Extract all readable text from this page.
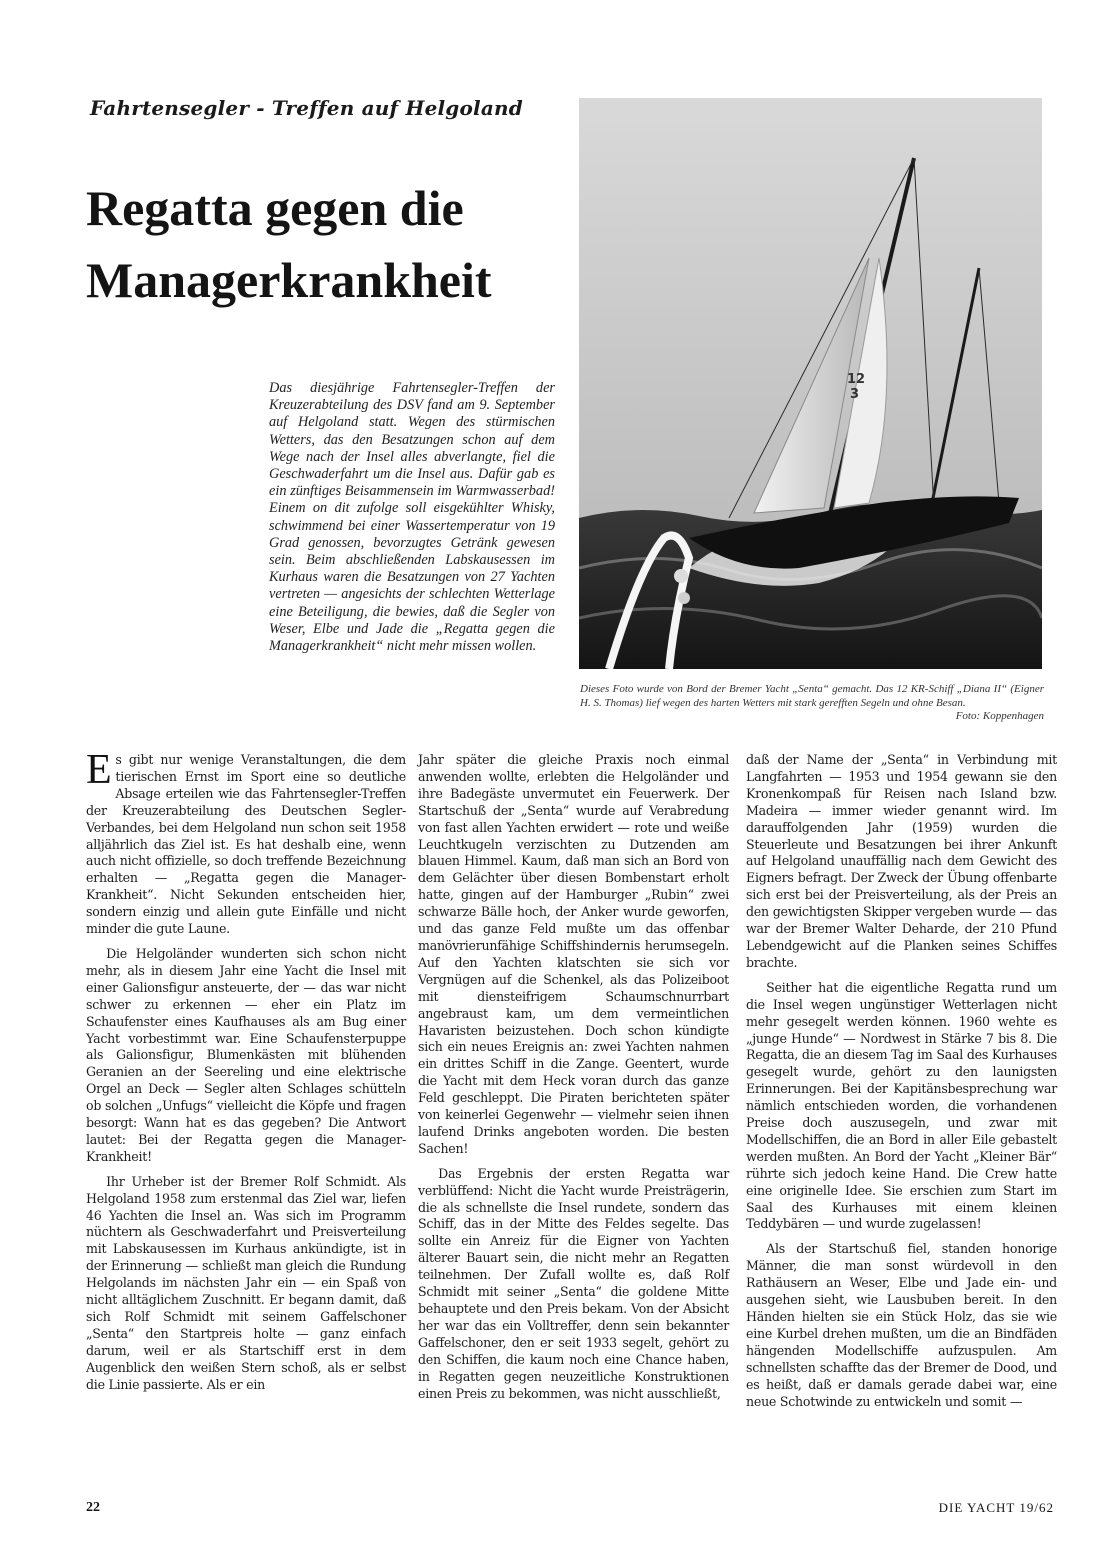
Fahrtensegler - Treffen auf Helgoland
Regatta gegen die
Managerkrankheit

Das diesjährige Fahrtensegler-Treffen der Kreuzerabteilung des DSV fand am 9. September auf Helgoland statt. Wegen des stürmischen Wetters, das den Besatzungen schon auf dem Wege nach der Insel alles abverlangte, fiel die Geschwaderfahrt um die Insel aus. Dafür gab es ein zünftiges Beisammensein im Warmwasserbad! Einem on dit zufolge soll eisgekühlter Whisky, schwimmend bei einer Wassertemperatur von 19 Grad genossen, bevorzugtes Getränk gewesen sein. Beim abschließenden Labskausessen im Kurhaus waren die Besatzungen von 27 Yachten vertreten — angesichts der schlechten Wetterlage eine Beteiligung, die bewies, daß die Segler von Weser, Elbe und Jade die „Regatta gegen die Managerkrankheit“ nicht mehr missen wollen.

12
3

Dieses Foto wurde von Bord der Bremer Yacht „Senta“ gemacht. Das 12 KR-Schiff „Diana II“ (Eigner H. S. Thomas) lief wegen des harten Wetters mit stark gerefften Segeln und ohne Besan.
Foto: Koppenhagen

Es gibt nur wenige Veranstaltungen, die dem tierischen Ernst im Sport eine so deutliche Absage erteilen wie das Fahrtensegler-Treffen der Kreuzerabteilung des Deutschen Segler-Verbandes, bei dem Helgoland nun schon seit 1958 alljährlich das Ziel ist. Es hat deshalb eine, wenn auch nicht offizielle, so doch treffende Bezeichnung erhalten — „Regatta gegen die Manager-Krankheit“. Nicht Sekunden entscheiden hier, sondern einzig und allein gute Einfälle und nicht minder die gute Laune.

Die Helgoländer wunderten sich schon nicht mehr, als in diesem Jahr eine Yacht die Insel mit einer Galionsfigur ansteuerte, der — das war nicht schwer zu erkennen — eher ein Platz im Schaufenster eines Kaufhauses als am Bug einer Yacht vorbestimmt war. Eine Schaufensterpuppe als Galionsfigur, Blumenkästen mit blühenden Geranien an der Seereling und eine elektrische Orgel an Deck — Segler alten Schlages schütteln ob solchen „Unfugs“ vielleicht die Köpfe und fragen besorgt: Wann hat es das gegeben? Die Antwort lautet: Bei der Regatta gegen die Manager-Krankheit!

Ihr Urheber ist der Bremer Rolf Schmidt. Als Helgoland 1958 zum erstenmal das Ziel war, liefen 46 Yachten die Insel an. Was sich im Programm nüchtern als Geschwaderfahrt und Preisverteilung mit Labskausessen im Kurhaus ankündigte, ist in der Erinnerung — schließt man gleich die Rundung Helgolands im nächsten Jahr ein — ein Spaß von nicht alltäglichem Zuschnitt. Er begann damit, daß sich Rolf Schmidt mit seinem Gaffelschoner „Senta“ den Startpreis holte — ganz einfach darum, weil er als Startschiff erst in dem Augenblick den weißen Stern schoß, als er selbst die Linie passierte. Als er ein

Jahr später die gleiche Praxis noch einmal anwenden wollte, erlebten die Helgoländer und ihre Badegäste unvermutet ein Feuerwerk. Der Startschuß der „Senta“ wurde auf Verabredung von fast allen Yachten erwidert — rote und weiße Leuchtkugeln verzischten zu Dutzenden am blauen Himmel. Kaum, daß man sich an Bord von dem Gelächter über diesen Bombenstart erholt hatte, gingen auf der Hamburger „Rubin“ zwei schwarze Bälle hoch, der Anker wurde geworfen, und das ganze Feld mußte um das offenbar manövrierunfähige Schiffshindernis herumsegeln. Auf den Yachten klatschten sie sich vor Vergnügen auf die Schenkel, als das Polizeiboot mit diensteifrigem Schaumschnurrbart angebraust kam, um dem vermeintlichen Havaristen beizustehen. Doch schon kündigte sich ein neues Ereignis an: zwei Yachten nahmen ein drittes Schiff in die Zange. Geentert, wurde die Yacht mit dem Heck voran durch das ganze Feld geschleppt. Die Piraten berichteten später von keinerlei Gegenwehr — vielmehr seien ihnen laufend Drinks angeboten worden. Die besten Sachen!

Das Ergebnis der ersten Regatta war verblüffend: Nicht die Yacht wurde Preisträgerin, die als schnellste die Insel rundete, sondern das Schiff, das in der Mitte des Feldes segelte. Das sollte ein Anreiz für die Eigner von Yachten älterer Bauart sein, die nicht mehr an Regatten teilnehmen. Der Zufall wollte es, daß Rolf Schmidt mit seiner „Senta“ die goldene Mitte behauptete und den Preis bekam. Von der Absicht her war das ein Volltreffer, denn sein bekannter Gaffelschoner, den er seit 1933 segelt, gehört zu den Schiffen, die kaum noch eine Chance haben, in Regatten gegen neuzeitliche Konstruktionen einen Preis zu bekommen, was nicht ausschließt,

daß der Name der „Senta“ in Verbindung mit Langfahrten — 1953 und 1954 gewann sie den Kronenkompaß für Reisen nach Island bzw. Madeira — immer wieder genannt wird. Im darauffolgenden Jahr (1959) wurden die Steuerleute und Besatzungen bei ihrer Ankunft auf Helgoland unauffällig nach dem Gewicht des Eigners befragt. Der Zweck der Übung offenbarte sich erst bei der Preisverteilung, als der Preis an den gewichtigsten Skipper vergeben wurde — das war der Bremer Walter Deharde, der 210 Pfund Lebendgewicht auf die Planken seines Schiffes brachte.

Seither hat die eigentliche Regatta rund um die Insel wegen ungünstiger Wetterlagen nicht mehr gesegelt werden können. 1960 wehte es „junge Hunde“ — Nordwest in Stärke 7 bis 8. Die Regatta, die an diesem Tag im Saal des Kurhauses gesegelt wurde, gehört zu den launigsten Erinnerungen. Bei der Kapitänsbesprechung war nämlich entschieden worden, die vorhandenen Preise doch auszusegeln, und zwar mit Modellschiffen, die an Bord in aller Eile gebastelt werden mußten. An Bord der Yacht „Kleiner Bär“ rührte sich jedoch keine Hand. Die Crew hatte eine originelle Idee. Sie erschien zum Start im Saal des Kurhauses mit einem kleinen Teddybären — und wurde zugelassen!

Als der Startschuß fiel, standen honorige Männer, die man sonst würdevoll in den Rathäusern an Weser, Elbe und Jade ein- und ausgehen sieht, wie Lausbuben bereit. In den Händen hielten sie ein Stück Holz, das sie wie eine Kurbel drehen mußten, um die an Bindfäden hängenden Modellschiffe aufzuspulen. Am schnellsten schaffte das der Bremer de Dood, und es heißt, daß er damals gerade dabei war, eine neue Schotwinde zu entwickeln und somit —

22	DIE YACHT 19/62
